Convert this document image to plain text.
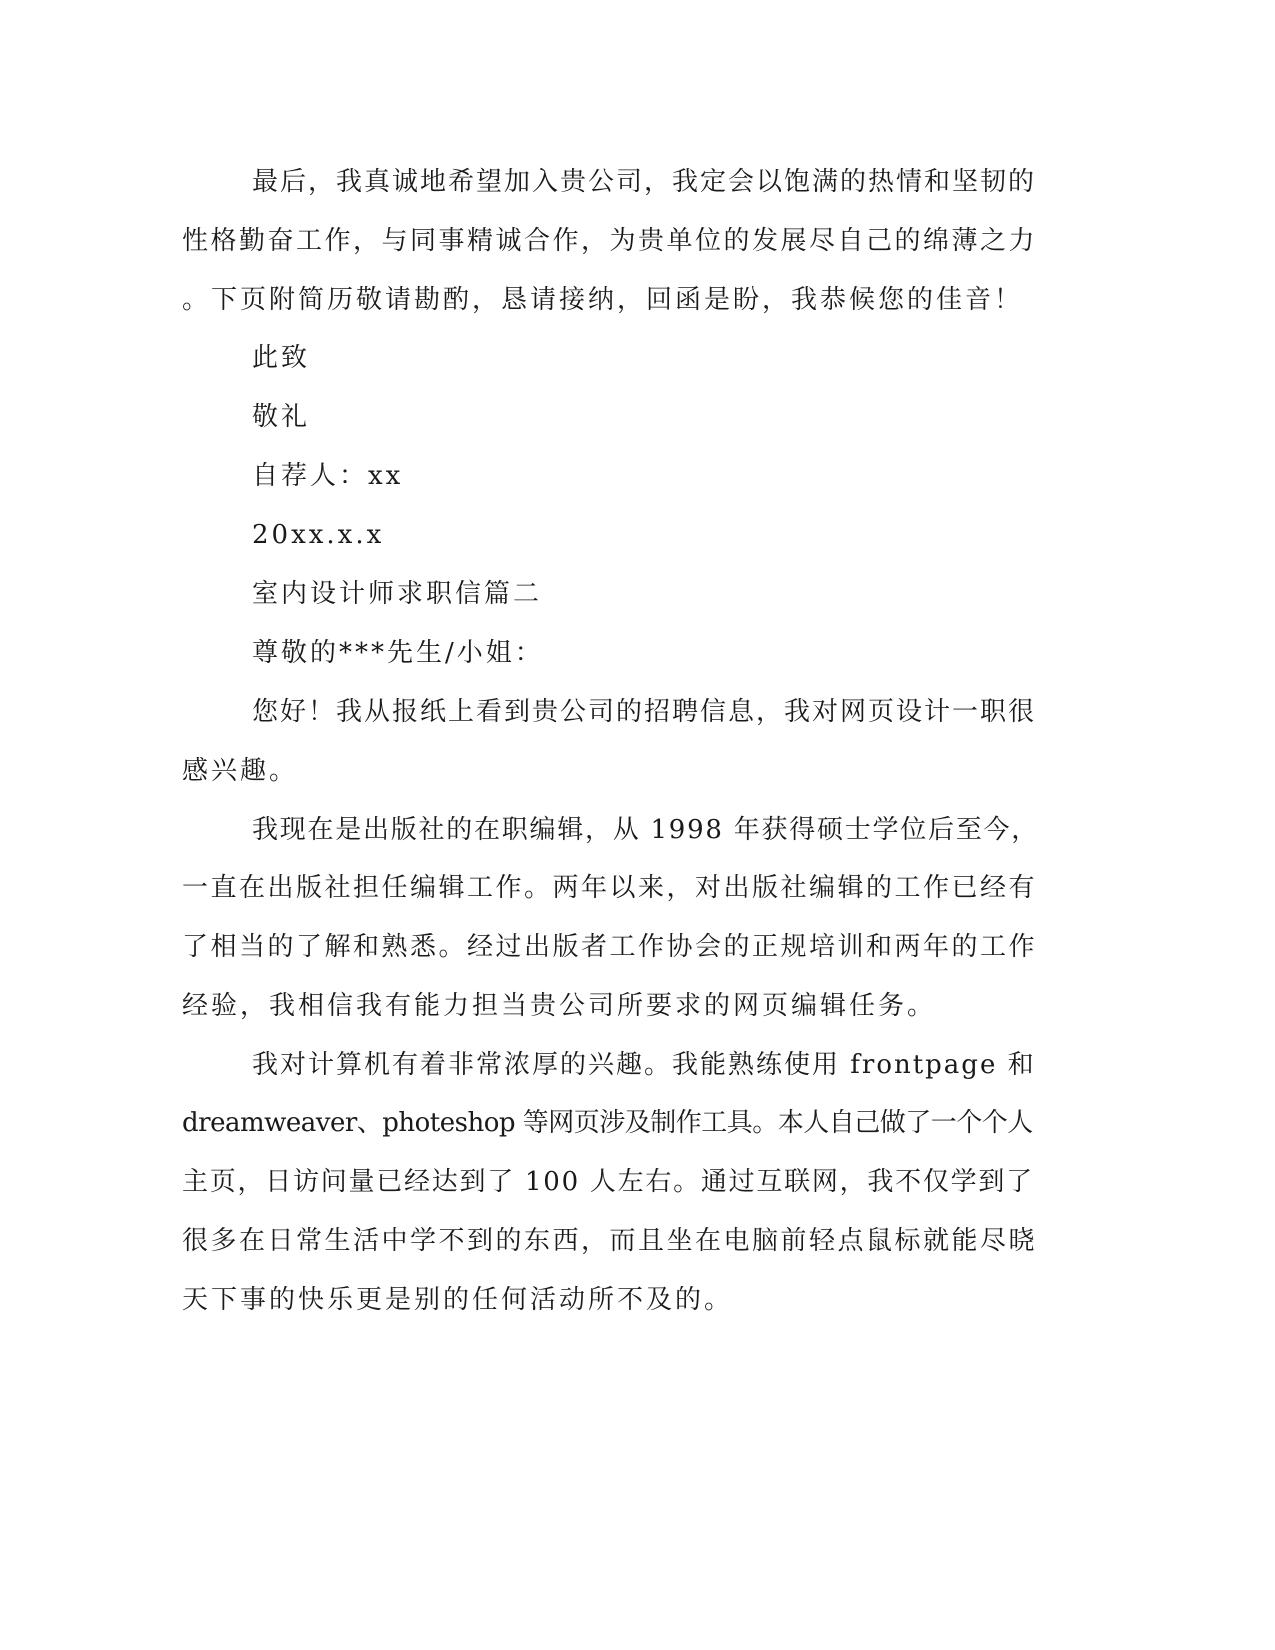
最后，我真诚地希望加入贵公司，我定会以饱满的热情和坚韧的
性格勤奋工作，与同事精诚合作，为贵单位的发展尽自己的绵薄之力
。下页附简历敬请勘酌，恳请接纳，回函是盼，我恭候您的佳音！
此致
敬礼
自荐人：xx
20xx.x.x
室内设计师求职信篇二
尊敬的***先生/小姐：
您好！我从报纸上看到贵公司的招聘信息，我对网页设计一职很
感兴趣。
我现在是出版社的在职编辑，从 1998 年获得硕士学位后至今，
一直在出版社担任编辑工作。两年以来，对出版社编辑的工作已经有
了相当的了解和熟悉。经过出版者工作协会的正规培训和两年的工作
经验，我相信我有能力担当贵公司所要求的网页编辑任务。
我对计算机有着非常浓厚的兴趣。我能熟练使用 frontpage 和
dreamweaver、photeshop 等网页涉及制作工具。本人自己做了一个个人
主页，日访问量已经达到了 100 人左右。通过互联网，我不仅学到了
很多在日常生活中学不到的东西，而且坐在电脑前轻点鼠标就能尽晓
天下事的快乐更是别的任何活动所不及的。
